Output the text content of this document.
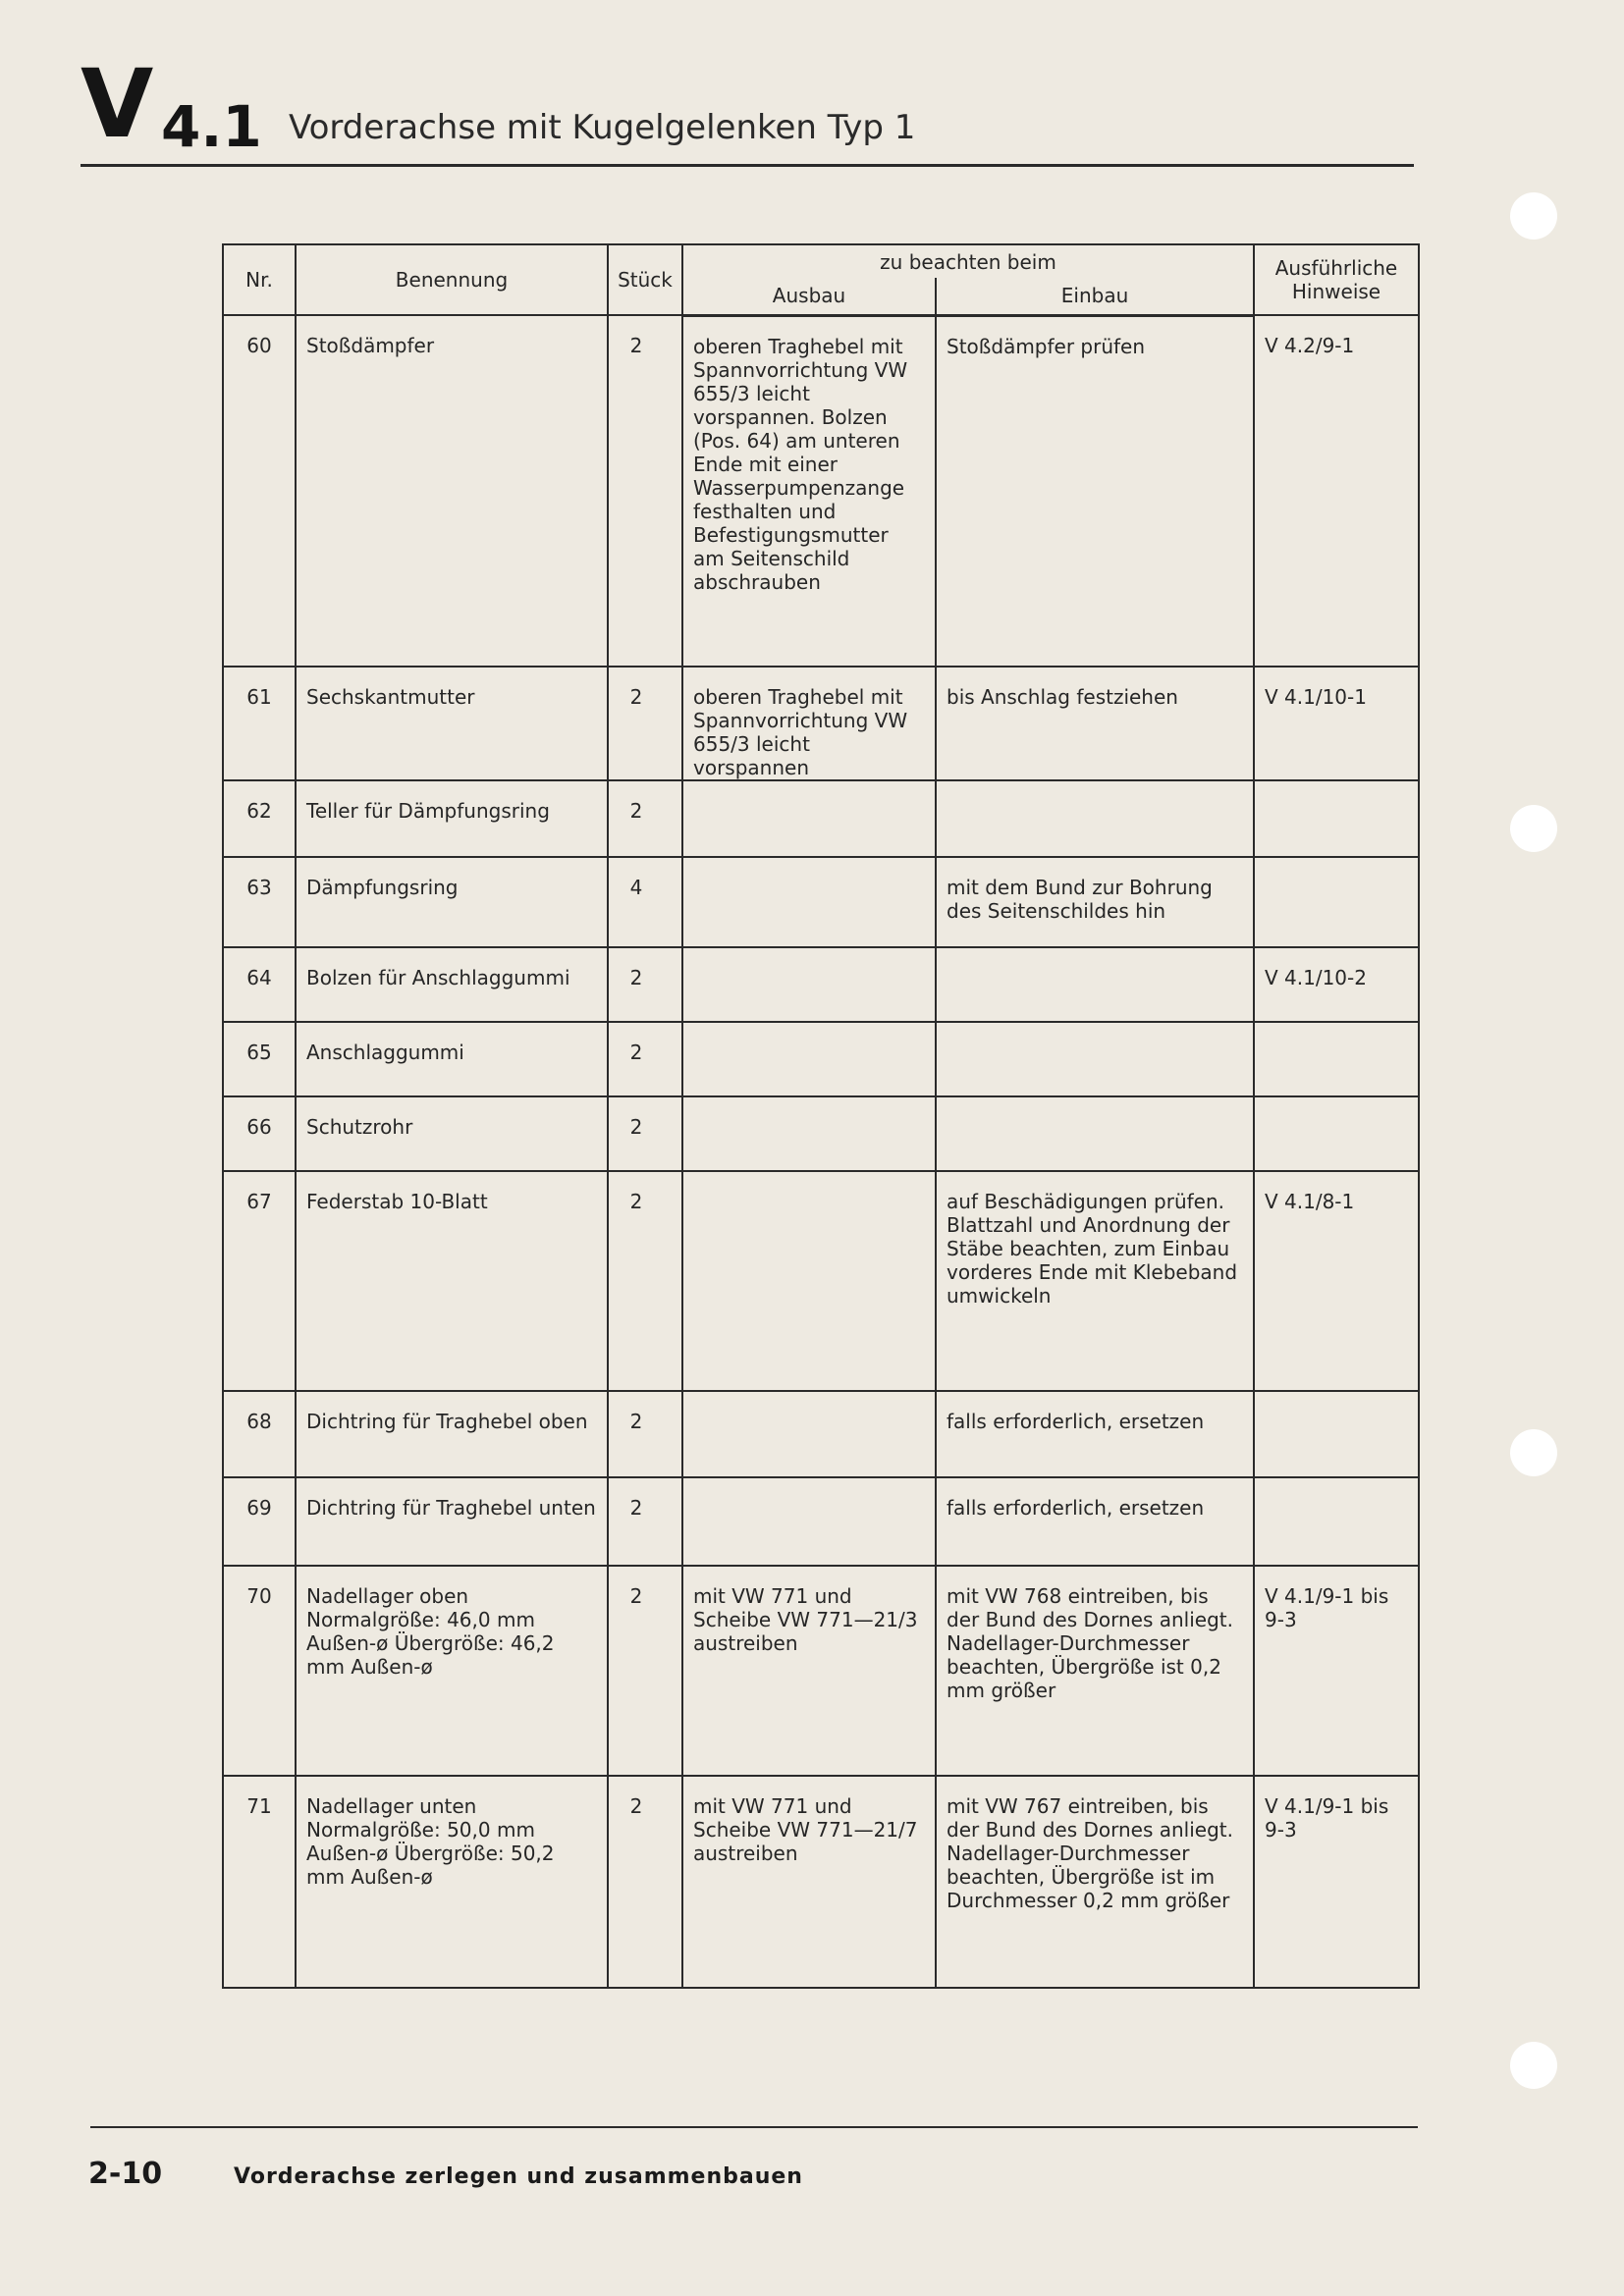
V 4.1 Vorderachse mit Kugelgelenken Typ 1
Nr.	Benennung	Stück	zu beachten beim		Ausführliche Hinweise
			Ausbau	Einbau	
60	Stoßdämpfer	2	oberen Traghebel mit Spannvorrichtung VW 655/3 leicht vorspannen. Bolzen (Pos. 64) am unteren Ende mit einer Wasserpumpenzange festhalten und Befestigungsmutter am Seitenschild abschrauben	Stoßdämpfer prüfen	V 4.2/9-1
61	Sechskantmutter	2	oberen Traghebel mit Spannvorrichtung VW 655/3 leicht vorspannen	bis Anschlag festziehen	V 4.1/10-1
62	Teller für Dämpfungsring	2			
63	Dämpfungsring	4		mit dem Bund zur Bohrung des Seitenschildes hin	
64	Bolzen für Anschlaggummi	2			V 4.1/10-2
65	Anschlaggummi	2			
66	Schutzrohr	2			
67	Federstab 10-Blatt	2		auf Beschädigungen prüfen. Blattzahl und Anordnung der Stäbe beachten, zum Einbau vorderes Ende mit Klebeband umwickeln	V 4.1/8-1
68	Dichtring für Traghebel oben	2		falls erforderlich, ersetzen	
69	Dichtring für Traghebel unten	2		falls erforderlich, ersetzen	
70	Nadellager oben Normalgröße: 46,0 mm Außen-ø Übergröße: 46,2 mm Außen-ø	2	mit VW 771 und Scheibe VW 771—21/3 austreiben	mit VW 768 eintreiben, bis der Bund des Dornes anliegt. Nadellager-Durchmesser beachten, Übergröße ist 0,2 mm größer	V 4.1/9-1 bis 9-3
71	Nadellager unten Normalgröße: 50,0 mm Außen-ø Übergröße: 50,2 mm Außen-ø	2	mit VW 771 und Scheibe VW 771—21/7 austreiben	mit VW 767 eintreiben, bis der Bund des Dornes anliegt. Nadellager-Durchmesser beachten, Übergröße ist im Durchmesser 0,2 mm größer	V 4.1/9-1 bis 9-3
2-10	Vorderachse zerlegen und zusammenbauen
